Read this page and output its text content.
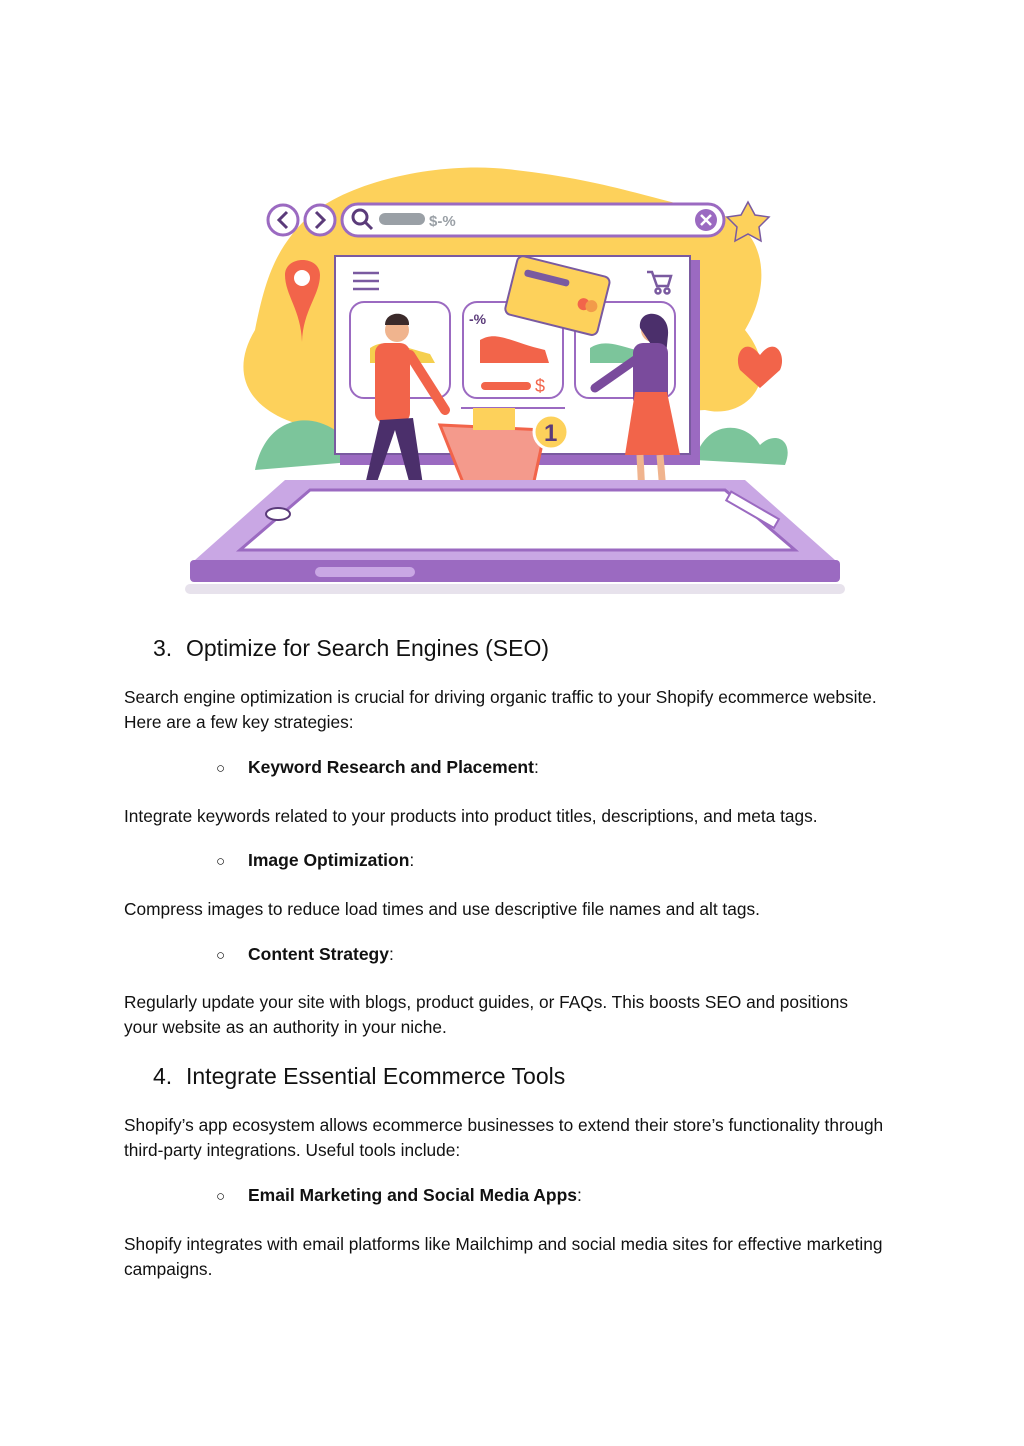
$-%
-%
$
1
3. Optimize for Search Engines (SEO)
Search engine optimization is crucial for driving organic traffic to your Shopify ecommerce website. Here are a few key strategies:
○ Keyword Research and Placement:
Integrate keywords related to your products into product titles, descriptions, and meta tags.
○ Image Optimization:
Compress images to reduce load times and use descriptive file names and alt tags.
○ Content Strategy:
Regularly update your site with blogs, product guides, or FAQs. This boosts SEO and positions your website as an authority in your niche.
4. Integrate Essential Ecommerce Tools
Shopify’s app ecosystem allows ecommerce businesses to extend their store’s functionality through third-party integrations. Useful tools include:
○ Email Marketing and Social Media Apps:
Shopify integrates with email platforms like Mailchimp and social media sites for effective marketing campaigns.
